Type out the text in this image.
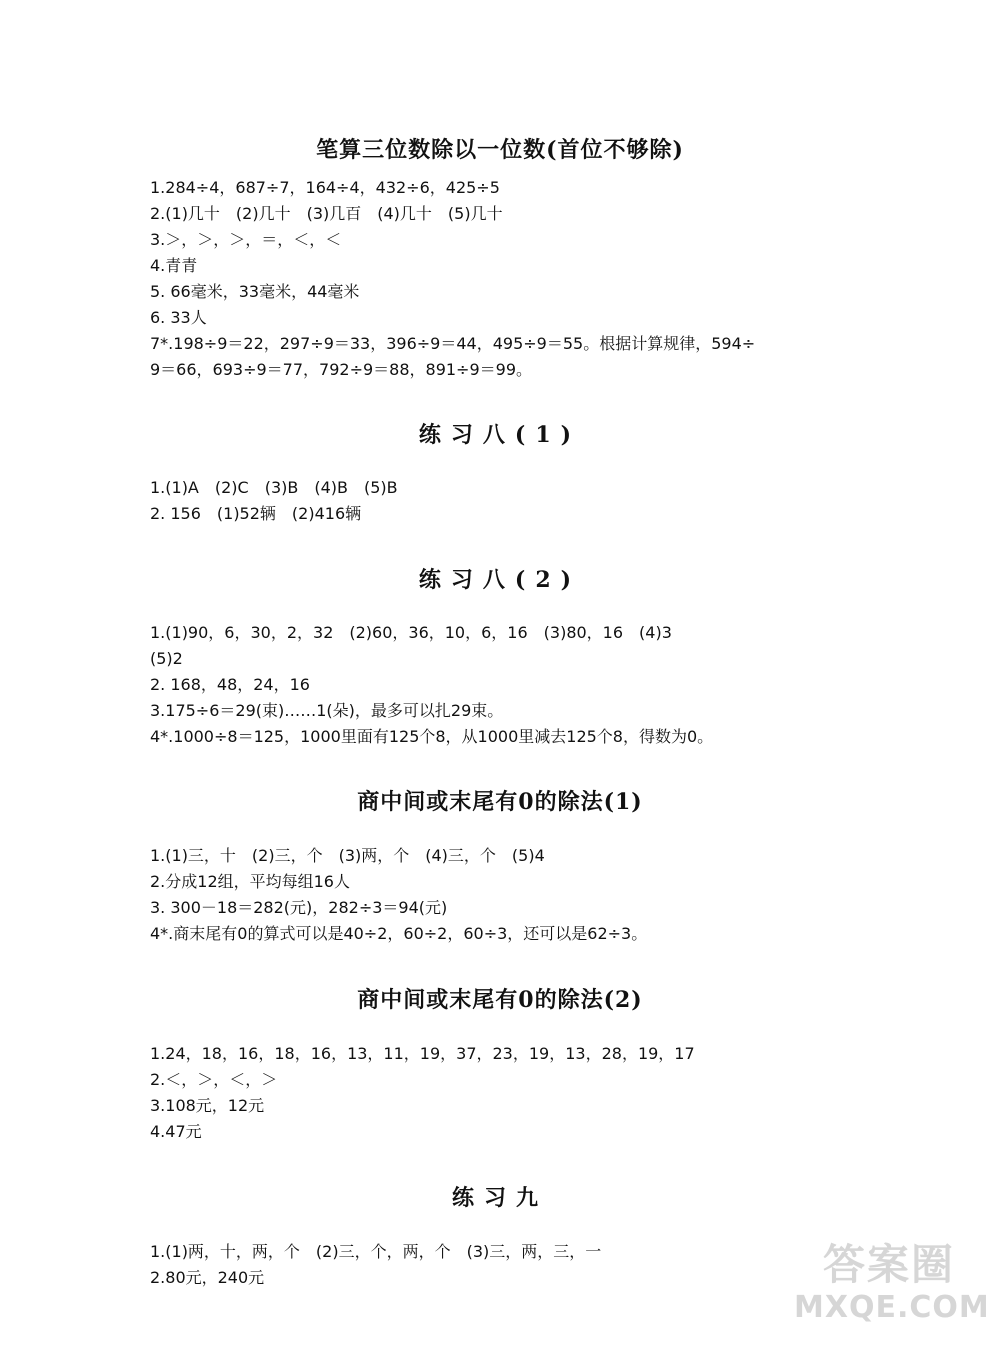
笔算三位数除以一位数(首位不够除)
1.284÷4，687÷7，164÷4，432÷6，425÷5
2.(1)几十　(2)几十　(3)几百　(4)几十　(5)几十
3.＞，＞，＞，＝，＜，＜
4.青青
5. 66毫米，33毫米，44毫米
6. 33人
7*.198÷9＝22，297÷9＝33，396÷9＝44，495÷9＝55。根据计算规律，594÷
9＝66，693÷9＝77，792÷9＝88，891÷9＝99。
练习八(1)
1.(1)A　(2)C　(3)B　(4)B　(5)B
2. 156　(1)52辆　(2)416辆
练习八(2)
1.(1)90，6，30，2，32　(2)60，36，10，6，16　(3)80，16　(4)3
(5)2
2. 168，48，24，16
3.175÷6＝29(束)……1(朵)，最多可以扎29束。
4*.1000÷8＝125，1000里面有125个8，从1000里减去125个8，得数为0。
商中间或末尾有0的除法(1)
1.(1)三，十　(2)三，个　(3)两，个　(4)三，个　(5)4
2.分成12组，平均每组16人
3. 300－18＝282(元)，282÷3＝94(元)
4*.商末尾有0的算式可以是40÷2，60÷2，60÷3，还可以是62÷3。
商中间或末尾有0的除法(2)
1.24，18，16，18，16，13，11，19，37，23，19，13，28，19，17
2.＜，＞，＜，＞
3.108元，12元
4.47元
练习九
1.(1)两，十，两，个　(2)三，个，两，个　(3)三，两，三，一
2.80元，240元	答案圈
MXQE.COM
